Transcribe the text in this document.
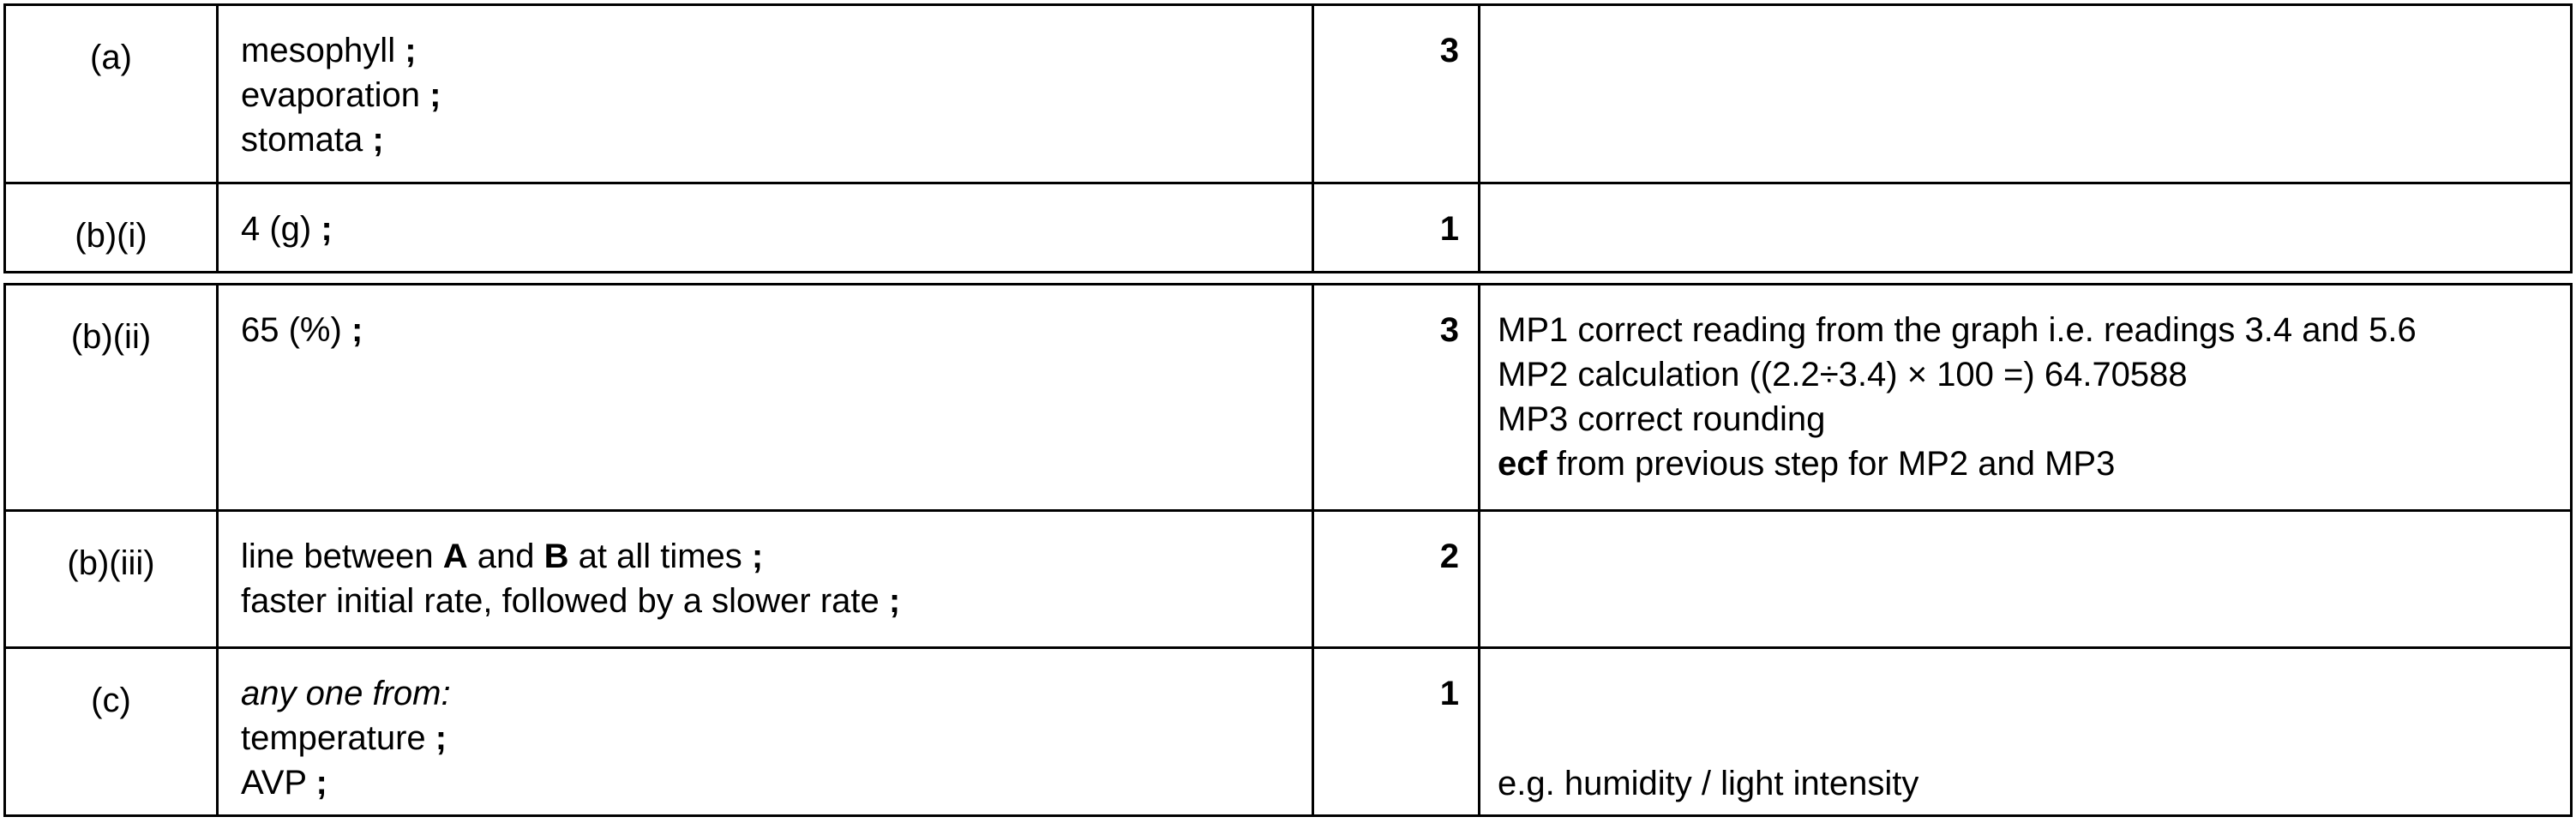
(a)	mesophyll ;
evaporation ;
stomata ;	3	
(b)(i)	4 (g) ;	1	
(b)(ii)	65 (%) ;	3	MP1 correct reading from the graph i.e. readings 3.4 and 5.6
MP2 calculation ((2.2÷3.4) × 100 =) 64.70588
MP3 correct rounding
ecf from previous step for MP2 and MP3

(b)(iii)	line between A and B at all times ;
faster initial rate, followed by a slower rate ;	2	
(c)	any one from:
temperature ;
AVP ;	1	e.g. humidity / light intensity
